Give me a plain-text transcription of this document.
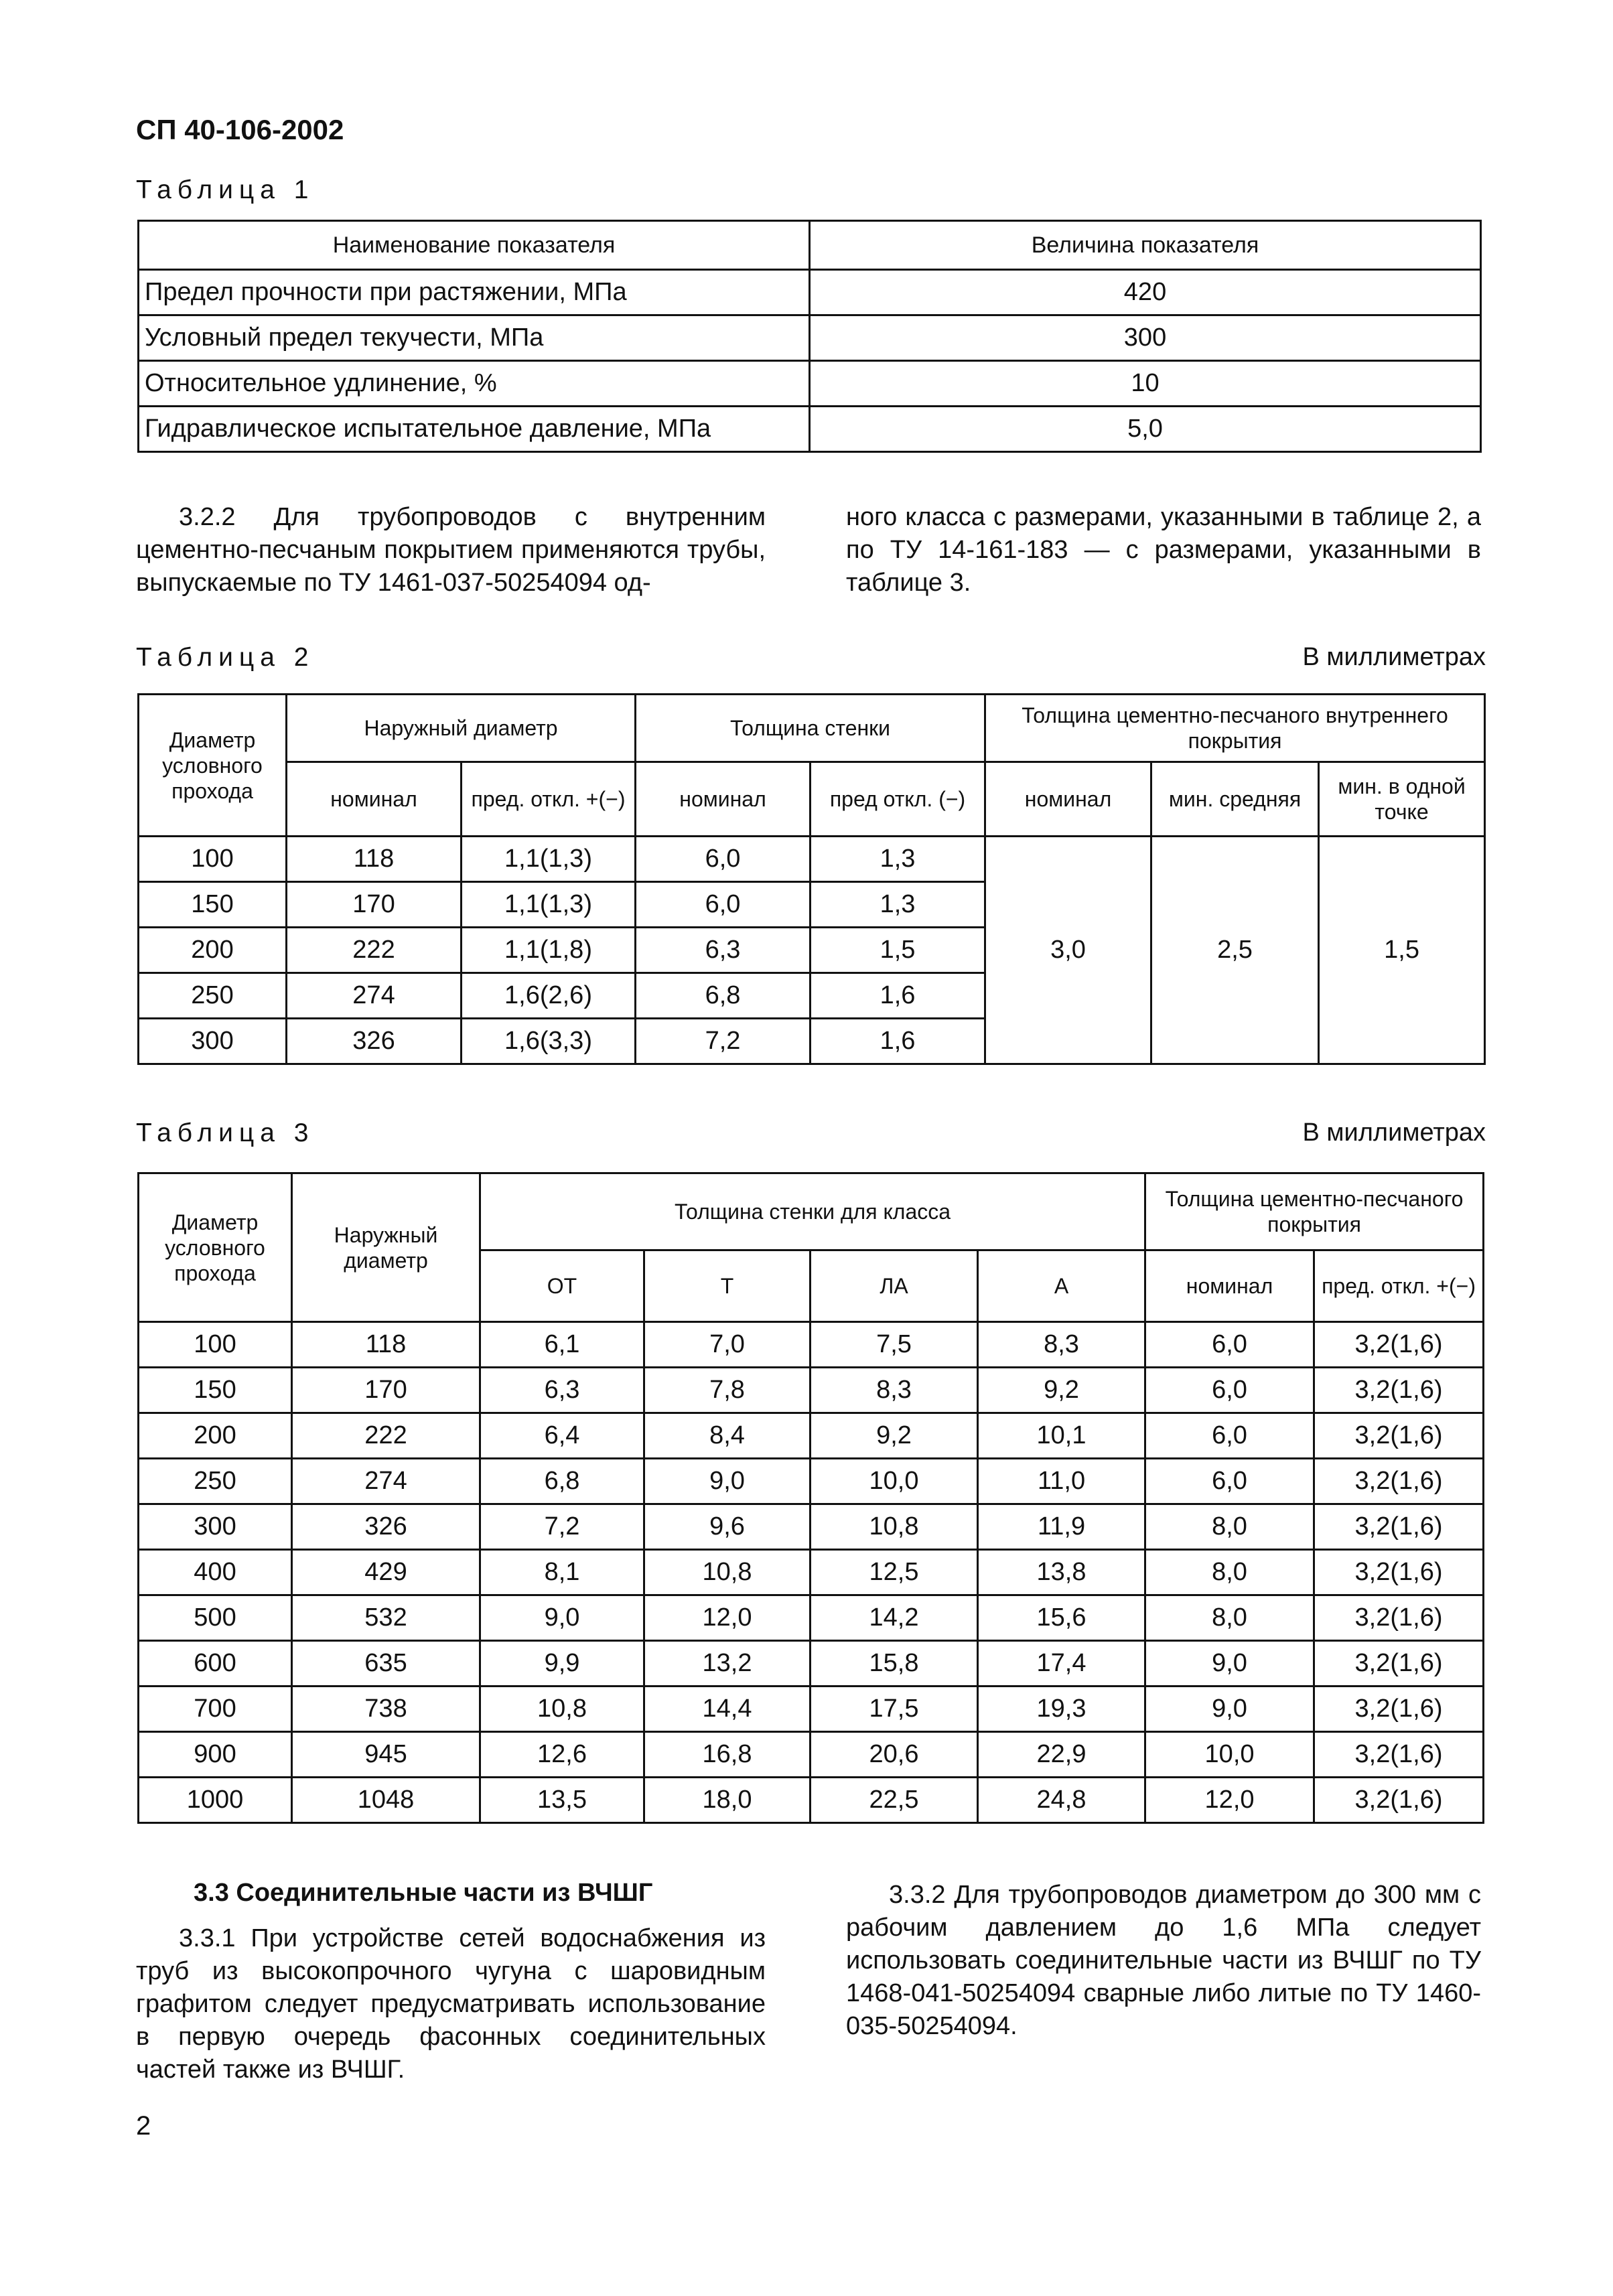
СП 40-106-2002
Таблица 1
Наименование показателя	Величина показателя
Предел прочности при растяжении, МПа	420
Условный предел текучести, МПа	300
Относительное удлинение, %	10
Гидравлическое испытательное давление, МПа	5,0
3.2.2 Для трубопроводов с внутренним цементно-песчаным покрытием применяются трубы, выпускаемые по ТУ 1461-037-50254094 од-
ного класса с размерами, указанными в таблице 2, а по ТУ 14-161-183 — с размерами, указанными в таблице 3.
Таблица 2	В миллиметрах
Диаметр условного прохода	Наружный диаметр		Толщина стенки		Толщина цементно-песчаного внутреннего покрытия		
	номинал	пред. откл. +(−)	номинал	пред откл. (−)	номинал	мин. средняя	мин. в одной точке
100	118	1,1(1,3)	6,0	1,3	3,0	2,5	1,5
150	170	1,1(1,3)	6,0	1,3			
200	222	1,1(1,8)	6,3	1,5			
250	274	1,6(2,6)	6,8	1,6			
300	326	1,6(3,3)	7,2	1,6			
Таблица 3	В миллиметрах
Диаметр условного прохода	Наружный диаметр	Толщина стенки для класса				Толщина цементно-песчаного покрытия	
		ОТ	Т	ЛА	А	номинал	пред. откл. +(−)
100	118	6,1	7,0	7,5	8,3	6,0	3,2(1,6)
150	170	6,3	7,8	8,3	9,2	6,0	3,2(1,6)
200	222	6,4	8,4	9,2	10,1	6,0	3,2(1,6)
250	274	6,8	9,0	10,0	11,0	6,0	3,2(1,6)
300	326	7,2	9,6	10,8	11,9	8,0	3,2(1,6)
400	429	8,1	10,8	12,5	13,8	8,0	3,2(1,6)
500	532	9,0	12,0	14,2	15,6	8,0	3,2(1,6)
600	635	9,9	13,2	15,8	17,4	9,0	3,2(1,6)
700	738	10,8	14,4	17,5	19,3	9,0	3,2(1,6)
900	945	12,6	16,8	20,6	22,9	10,0	3,2(1,6)
1000	1048	13,5	18,0	22,5	24,8	12,0	3,2(1,6)
3.3 Соединительные части из ВЧШГ
3.3.1 При устройстве сетей водоснабжения из труб из высокопрочного чугуна с шаровидным графитом следует предусматривать использование в первую очередь фасонных соединительных частей также из ВЧШГ.
3.3.2 Для трубопроводов диаметром до 300 мм с рабочим давлением до 1,6 МПа следует использовать соединительные части из ВЧШГ по ТУ 1468-041-50254094 сварные либо литые по ТУ 1460-035-50254094.
2
